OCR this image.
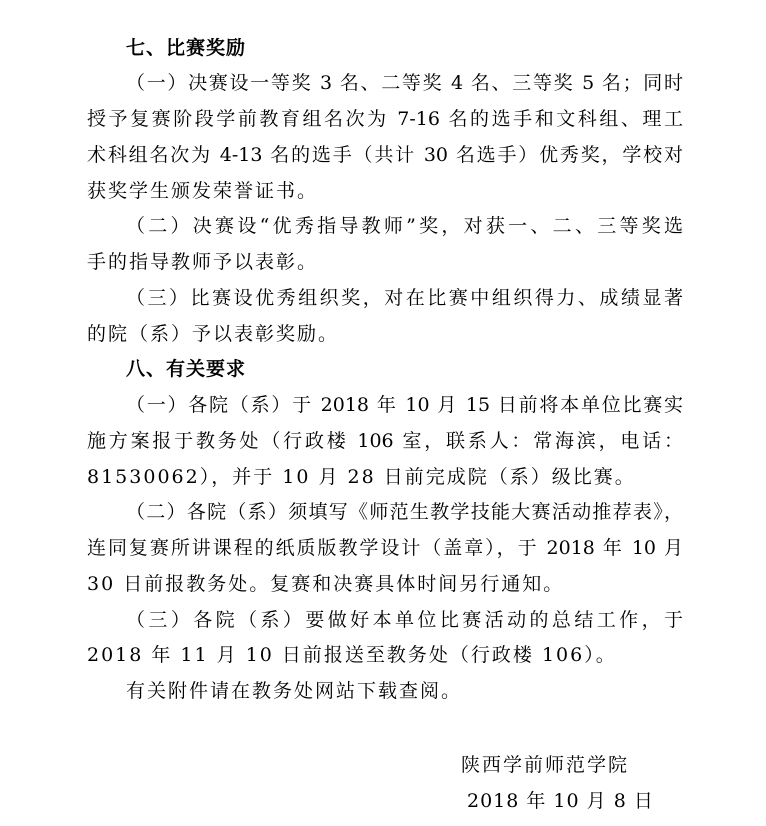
七、比赛奖励
（一）决赛设一等奖 3 名、二等奖 4 名、三等奖 5 名；同时
授予复赛阶段学前教育组名次为 7-16 名的选手和文科组、理工
术科组名次为 4-13 名的选手（共计 30 名选手）优秀奖，学校对
获奖学生颁发荣誉证书。
（二）决赛设“优秀指导教师”奖，对获一、二、三等奖选
手的指导教师予以表彰。
（三）比赛设优秀组织奖，对在比赛中组织得力、成绩显著
的院（系）予以表彰奖励。
八、有关要求
（一）各院（系）于 2018 年 10 月 15 日前将本单位比赛实
施方案报于教务处（行政楼 106 室，联系人：常海滨，电话：
81530062），并于 10 月 28 日前完成院（系）级比赛。
（二）各院（系）须填写《师范生教学技能大赛活动推荐表》，
连同复赛所讲课程的纸质版教学设计（盖章），于 2018 年 10 月
30 日前报教务处。复赛和决赛具体时间另行通知。
（三）各院（系）要做好本单位比赛活动的总结工作，于
2018 年 11 月 10 日前报送至教务处（行政楼 106）。
有关附件请在教务处网站下载查阅。
陕西学前师范学院
2018 年 10 月 8 日
